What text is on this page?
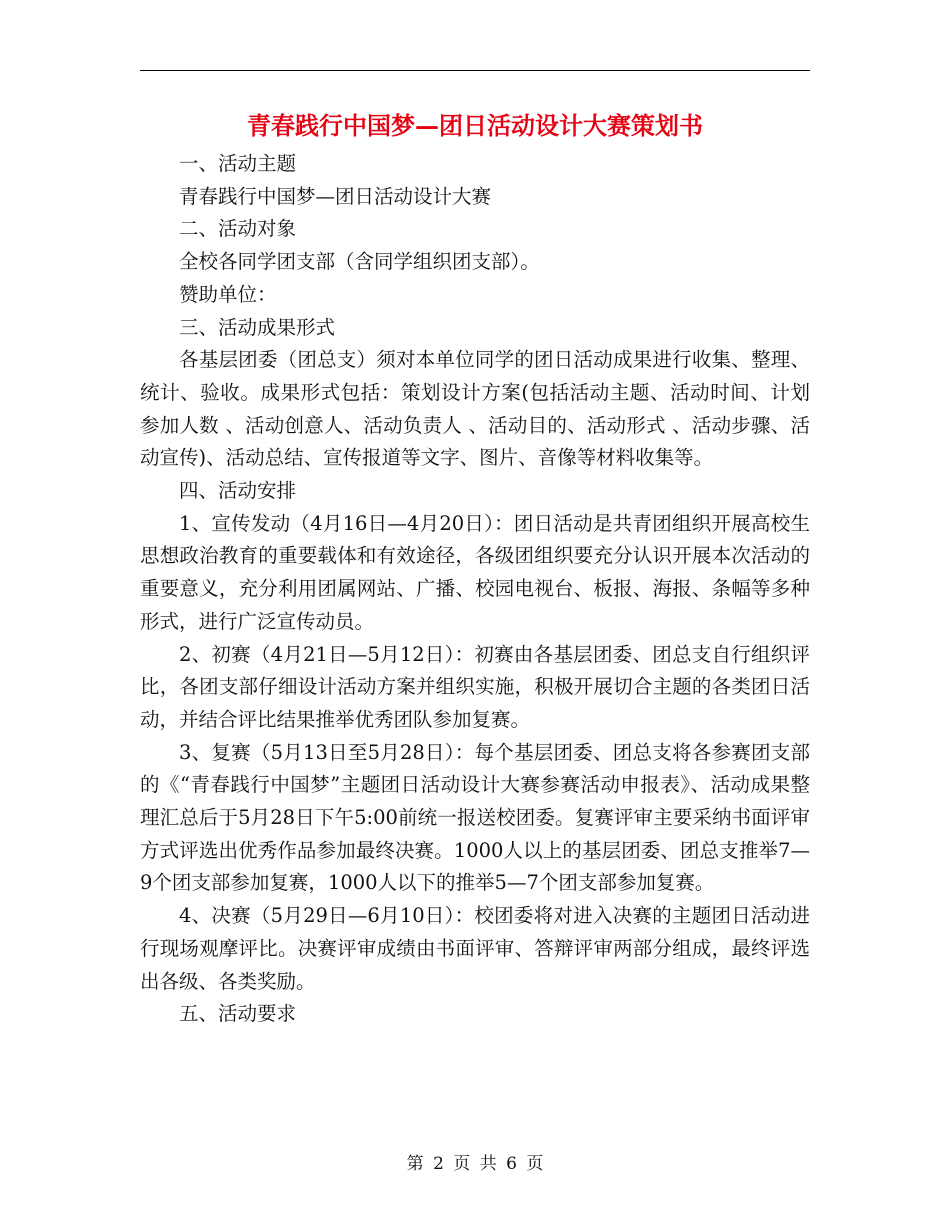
青春践行中国梦—团日活动设计大赛策划书

一、活动主题

青春践行中国梦—团日活动设计大赛

二、活动对象

全校各同学团支部（含同学组织团支部）。

赞助单位：

三、活动成果形式

各基层团委（团总支）须对本单位同学的团日活动成果进行收集、整理、统计、验收。成果形式包括：策划设计方案(包括活动主题、活动时间、计划参加人数 、活动创意人、活动负责人 、活动目的、活动形式 、活动步骤、活动宣传)、活动总结、宣传报道等文字、图片、音像等材料收集等。

四、活动安排

1、宣传发动（4月16日—4月20日）：团日活动是共青团组织开展高校生思想政治教育的重要载体和有效途径，各级团组织要充分认识开展本次活动的重要意义，充分利用团属网站、广播、校园电视台、板报、海报、条幅等多种形式，进行广泛宣传动员。

2、初赛（4月21日—5月12日）：初赛由各基层团委、团总支自行组织评比，各团支部仔细设计活动方案并组织实施，积极开展切合主题的各类团日活动，并结合评比结果推举优秀团队参加复赛。

3、复赛（5月13日至5月28日）：每个基层团委、团总支将各参赛团支部的《“青春践行中国梦”主题团日活动设计大赛参赛活动申报表》、活动成果整理汇总后于5月28日下午5:00前统一报送校团委。复赛评审主要采纳书面评审方式评选出优秀作品参加最终决赛。1000人以上的基层团委、团总支推举7—9个团支部参加复赛，1000人以下的推举5—7个团支部参加复赛。

4、决赛（5月29日—6月10日）：校团委将对进入决赛的主题团日活动进行现场观摩评比。决赛评审成绩由书面评审、答辩评审两部分组成，最终评选出各级、各类奖励。

五、活动要求

第 2 页 共 6 页
